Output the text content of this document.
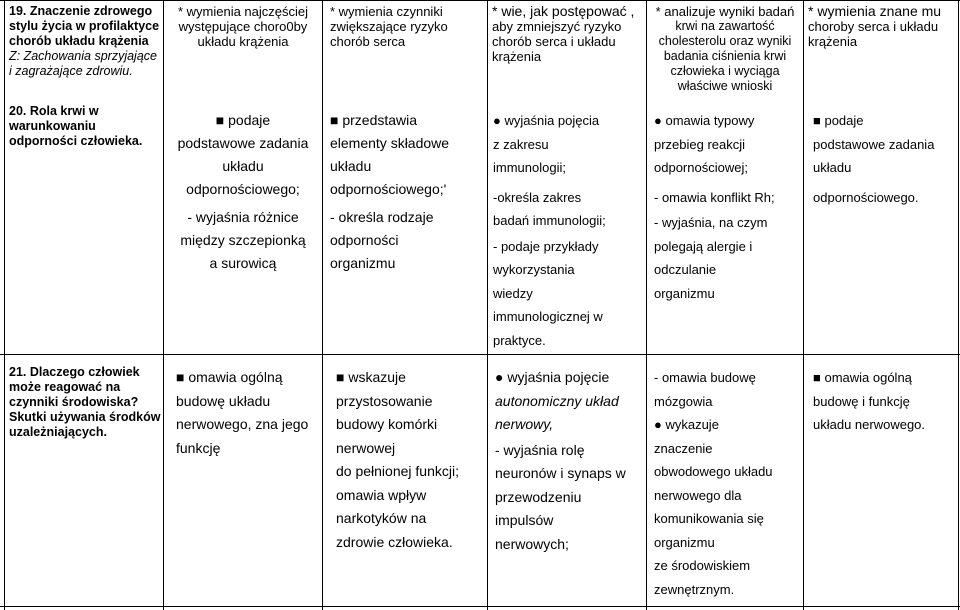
19. Znaczenie zdrowego
stylu życia w profilaktyce
chorób układu krążenia
Z: Zachowania sprzyjające
i zagrażające zdrowiu.
20. Rola krwi w
warunkowaniu
odporności człowieka.
* wymienia najczęściej
występujące choro0by
układu krążenia
■ podaje
podstawowe zadania
układu
odpornościowego;
- wyjaśnia różnice
między szczepionką
a surowicą
* wymienia czynniki
zwiększające ryzyko
chorób serca
■ przedstawia
elementy składowe
układu
odpornościowego;'
- określa rodzaje
odporności
organizmu
* wie, jak postępować ,
aby zmniejszyć ryzyko
chorób serca i układu
krążenia
● wyjaśnia pojęcia
z zakresu
immunologii;
-określa zakres
badań immunologii;
- podaje przykłady
wykorzystania
wiedzy
immunologicznej w
praktyce.
* analizuje wyniki badań
krwi na zawartość
cholesterolu oraz wyniki
badania ciśnienia krwi
człowieka i wyciąga
właściwe wnioski
● omawia typowy
przebieg reakcji
odpornościowej;
- omawia konflikt Rh;
- wyjaśnia, na czym
polegają alergie i
odczulanie
organizmu
* wymienia znane mu
choroby serca i układu
krążenia
■ podaje
podstawowe zadania
układu
odpornościowego.
21. Dlaczego człowiek
może reagować na
czynniki środowiska?
Skutki używania środków
uzależniających.
■ omawia ogólną
budowę układu
nerwowego, zna jego
funkcję
■ wskazuje
przystosowanie
budowy komórki
nerwowej
do pełnionej funkcji;
omawia wpływ
narkotyków na
zdrowie człowieka.
● wyjaśnia pojęcie
autonomiczny układ
nerwowy,
- wyjaśnia rolę
neuronów i synaps w
przewodzeniu
impulsów
nerwowych;
- omawia budowę
mózgowia
● wykazuje
znaczenie
obwodowego układu
nerwowego dla
komunikowania się
organizmu
ze środowiskiem
zewnętrznym.
■ omawia ogólną
budowę i funkcję
układu nerwowego.
